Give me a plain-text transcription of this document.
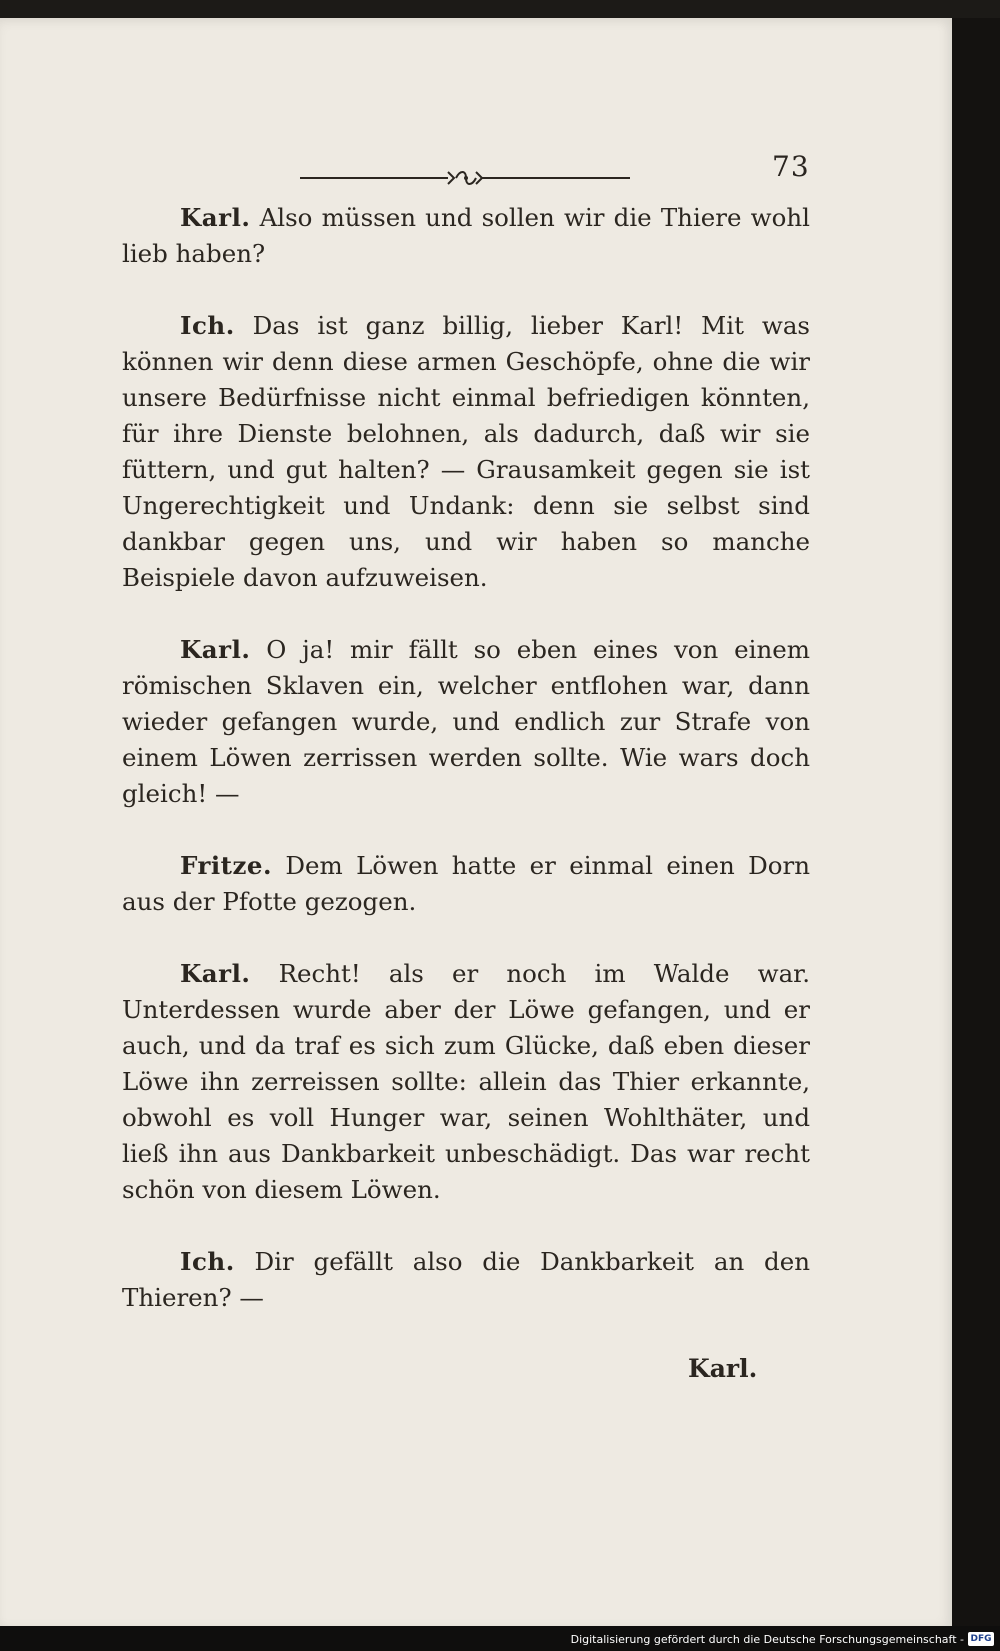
73

Karl. Also müssen und sollen wir die Thiere wohl lieb haben?

Ich. Das ist ganz billig, lieber Karl! Mit was können wir denn diese armen Geschöpfe, ohne die wir unsere Bedürfnisse nicht einmal befriedigen könnten, für ihre Dienste belohnen, als dadurch, daß wir sie füttern, und gut halten? — Grausamkeit gegen sie ist Ungerechtigkeit und Undank: denn sie selbst sind dankbar gegen uns, und wir haben so manche Beispiele davon aufzuweisen.

Karl. O ja! mir fällt so eben eines von einem römischen Sklaven ein, welcher entflohen war, dann wieder gefangen wurde, und endlich zur Strafe von einem Löwen zerrissen werden sollte. Wie wars doch gleich! —

Fritze. Dem Löwen hatte er einmal einen Dorn aus der Pfotte gezogen.

Karl. Recht! als er noch im Walde war. Unterdessen wurde aber der Löwe gefangen, und er auch, und da traf es sich zum Glücke, daß eben dieser Löwe ihn zerreissen sollte: allein das Thier erkannte, obwohl es voll Hunger war, seinen Wohlthäter, und ließ ihn aus Dankbarkeit unbeschädigt. Das war recht schön von diesem Löwen.

Ich. Dir gefällt also die Dankbarkeit an den Thieren? —

Karl.
Digitalisierung gefördert durch die Deutsche Forschungsgemeinschaft - DFG
